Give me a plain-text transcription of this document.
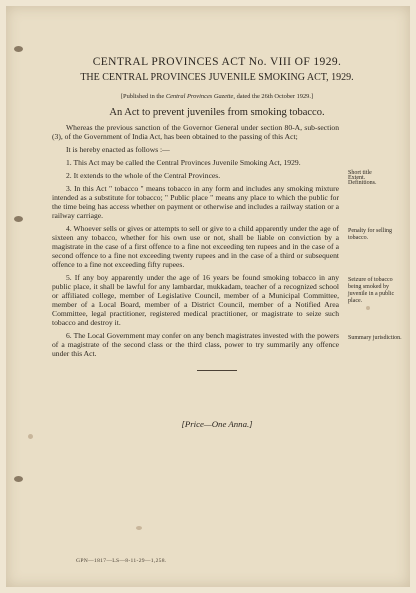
CENTRAL PROVINCES ACT No. VIII OF 1929.
THE CENTRAL PROVINCES JUVENILE SMOKING ACT, 1929.
[Published in the Central Provinces Gazette, dated the 26th October 1929.]
An Act to prevent juveniles from smoking tobacco.
Whereas the previous sanction of the Governor General under section 80-A, sub-section (3), of the Government of India Act, has been obtained to the passing of this Act;
It is hereby enacted as follows :—
1. This Act may be called the Central Provinces Juvenile Smoking Act, 1929.
Short title
2. It extends to the whole of the Central Provinces.	Extent.
3. In this Act " tobacco " means tobacco in any form and includes any smoking mixture intended as a substitute for tobacco; " Public place " means any place to which the public for the time being has access whether on payment or otherwise and includes a railway station or a railway carriage.
Definitions.
4. Whoever sells or gives or attempts to sell or give to a child apparently under the age of sixteen any tobacco, whether for his own use or not, shall be liable on conviction by a magistrate in the case of a first offence to a fine not exceeding ten rupees and in the case of a second offence to a fine not exceeding twenty rupees and in the case of a third or subsequent offence to a fine not exceeding fifty rupees.
Penalty for selling tobacco.
5. If any boy apparently under the age of 16 years be found smoking tobacco in any public place, it shall be lawful for any lambardar, mukkadam, teacher of a recognized school or affiliated college, member of Legislative Council, member of a Municipal Committee, member of a Local Board, member of a District Council, member of a Notified Area Committee, legal practitioner, registered medical practitioner, or magistrate to seize such tobacco and destroy it.
Seizure of tobacco being smoked by juvenile in a public place.
6. The Local Government may confer on any bench magistrates invested with the powers of a magistrate of the second class or the third class, power to try summarily any offence under this Act.
Summary jurisdiction.
[Price—One Anna.]
GPN—1817—LS—8-11-29—1,258.
